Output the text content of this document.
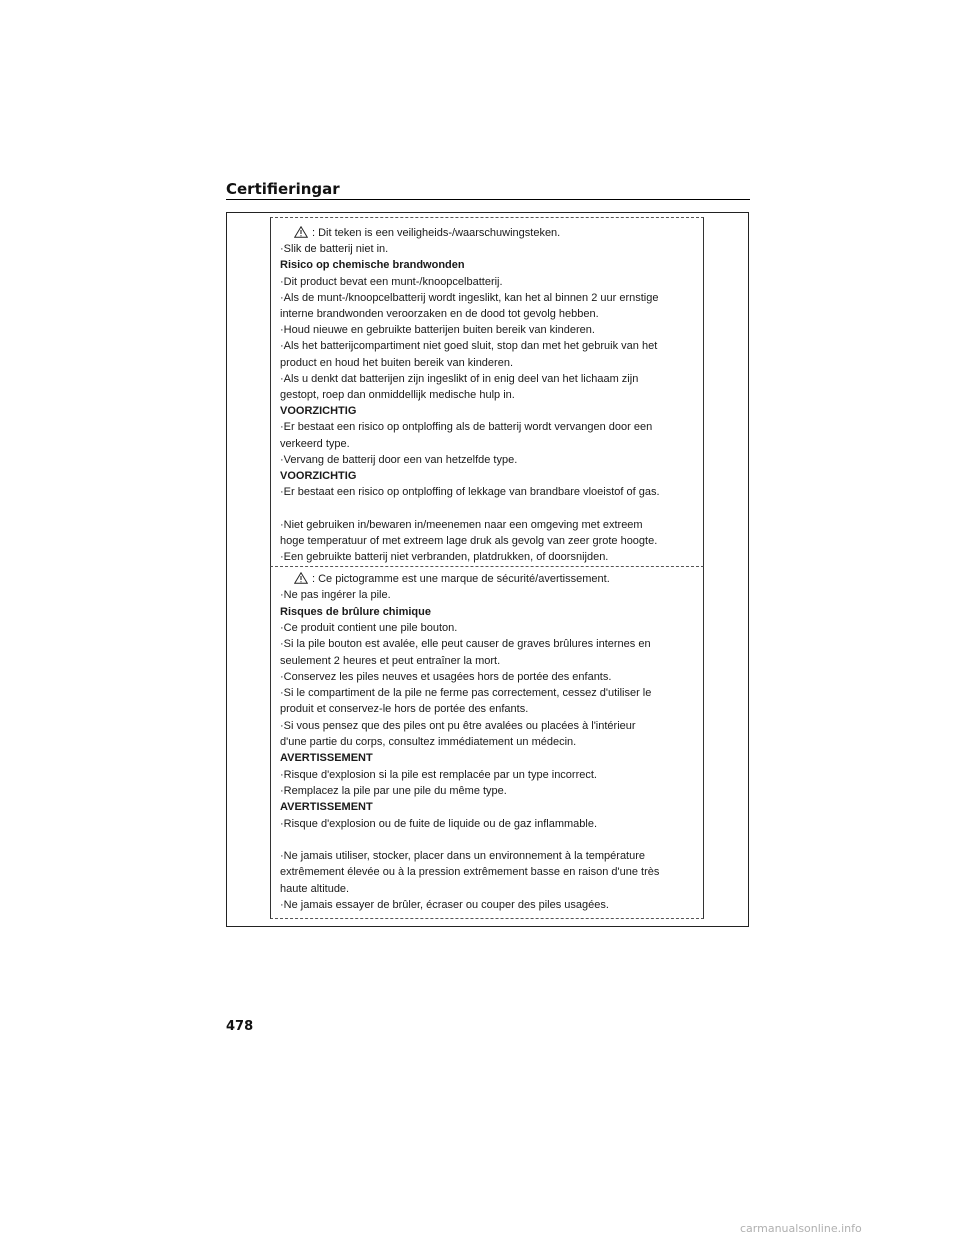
Certifieringar
: Dit teken is een veiligheids-/waarschuwingsteken.
·Slik de batterij niet in.
Risico op chemische brandwonden
·Dit product bevat een munt-/knoopcelbatterij.
·Als de munt-/knoopcelbatterij wordt ingeslikt, kan het al binnen 2 uur ernstige
interne brandwonden veroorzaken en de dood tot gevolg hebben.
·Houd nieuwe en gebruikte batterijen buiten bereik van kinderen.
·Als het batterijcompartiment niet goed sluit, stop dan met het gebruik van het
product en houd het buiten bereik van kinderen.
·Als u denkt dat batterijen zijn ingeslikt of in enig deel van het lichaam zijn
gestopt, roep dan onmiddellijk medische hulp in.
VOORZICHTIG
·Er bestaat een risico op ontploffing als de batterij wordt vervangen door een
verkeerd type.
·Vervang de batterij door een van hetzelfde type.
VOORZICHTIG
·Er bestaat een risico op ontploffing of lekkage van brandbare vloeistof of gas.
·Niet gebruiken in/bewaren in/meenemen naar een omgeving met extreem
hoge temperatuur of met extreem lage druk als gevolg van zeer grote hoogte.
·Een gebruikte batterij niet verbranden, platdrukken, of doorsnijden.
: Ce pictogramme est une marque de sécurité/avertissement.
·Ne pas ingérer la pile.
Risques de brûlure chimique
·Ce produit contient une pile bouton.
·Si la pile bouton est avalée, elle peut causer de graves brûlures internes en
seulement 2 heures et peut entraîner la mort.
·Conservez les piles neuves et usagées hors de portée des enfants.
·Si le compartiment de la pile ne ferme pas correctement, cessez d'utiliser le
produit et conservez-le hors de portée des enfants.
·Si vous pensez que des piles ont pu être avalées ou placées à l'intérieur
d'une partie du corps, consultez immédiatement un médecin.
AVERTISSEMENT
·Risque d'explosion si la pile est remplacée par un type incorrect.
·Remplacez la pile par une pile du même type.
AVERTISSEMENT
·Risque d'explosion ou de fuite de liquide ou de gaz inflammable.
·Ne jamais utiliser, stocker, placer dans un environnement à la température
extrêmement élevée ou à la pression extrêmement basse en raison d'une très
haute altitude.
·Ne jamais essayer de brûler, écraser ou couper des piles usagées.
478
carmanualsonline.info
